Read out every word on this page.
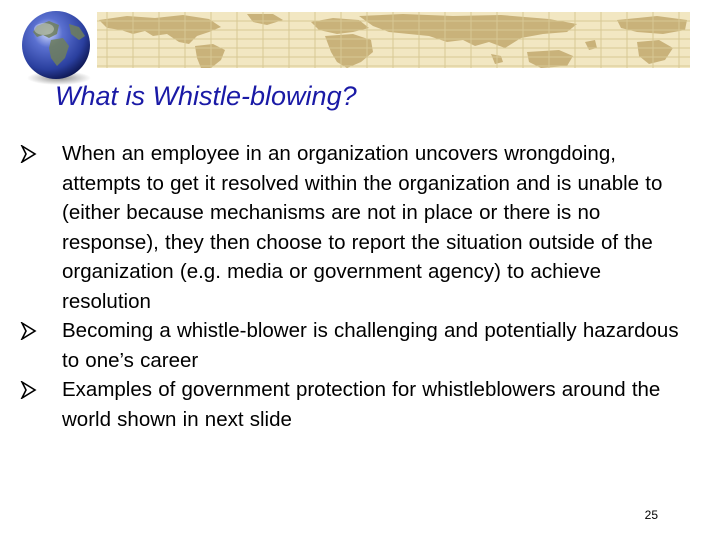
What is Whistle-blowing?
When an employee in an organization uncovers wrongdoing, attempts to get it resolved within the organization and is unable to (either because mechanisms are not in place or there is no response), they then choose to report the situation outside of the organization (e.g. media or government agency) to achieve resolution
Becoming a whistle-blower is challenging and potentially hazardous to one’s career
Examples of government protection for whistleblowers around the world shown in next slide
25
